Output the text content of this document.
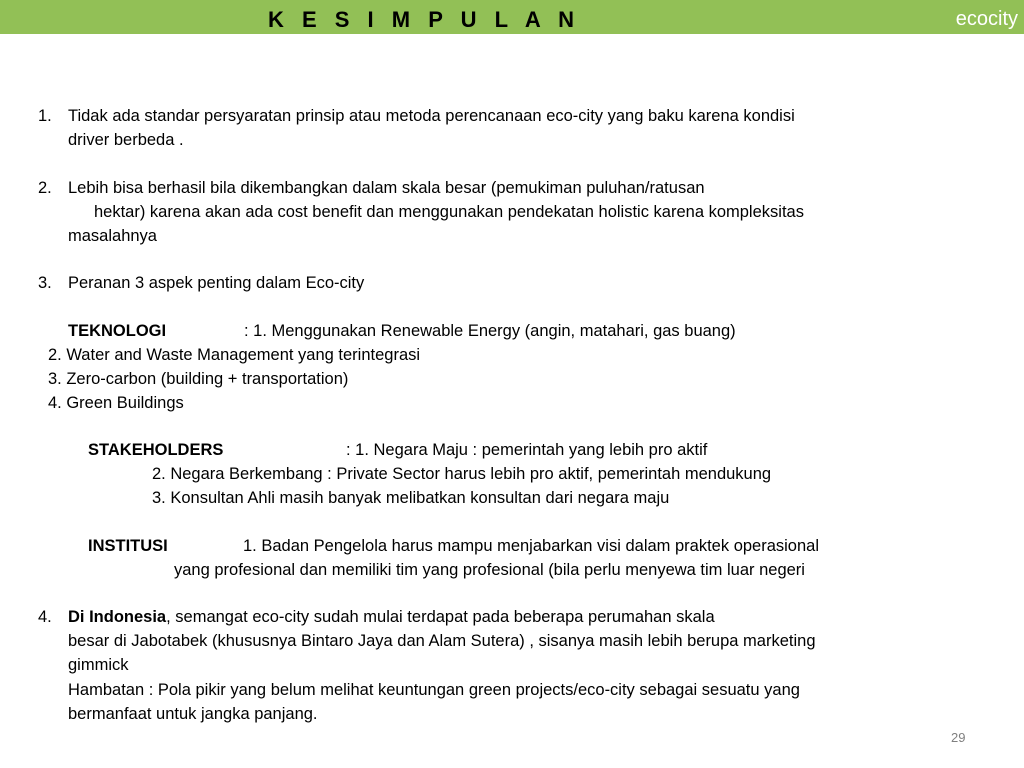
K E S I M P U L A N	ecocity
1. Tidak ada standar persyaratan prinsip atau metoda perencanaan eco-city yang baku karena kondisi
driver berbeda .
2. Lebih bisa berhasil bila dikembangkan dalam skala besar (pemukiman puluhan/ratusan
hektar) karena akan ada cost benefit dan menggunakan pendekatan holistic karena kompleksitas
masalahnya
3. Peranan 3 aspek penting dalam Eco-city
TEKNOLOGI	: 1. Menggunakan Renewable Energy (angin, matahari, gas buang)
2. Water and Waste Management yang terintegrasi
3. Zero-carbon (building + transportation)
4. Green Buildings
STAKEHOLDERS	: 1. Negara Maju : pemerintah yang lebih pro aktif
2. Negara Berkembang : Private Sector harus lebih pro aktif, pemerintah mendukung
3. Konsultan Ahli masih banyak melibatkan konsultan dari negara maju
INSTITUSI	1. Badan Pengelola harus mampu menjabarkan visi dalam praktek operasional
yang profesional dan memiliki tim yang profesional (bila perlu menyewa tim luar negeri
4. Di Indonesia, semangat eco-city sudah mulai terdapat pada beberapa perumahan skala
besar di Jabotabek (khususnya Bintaro Jaya dan Alam Sutera) , sisanya masih lebih berupa marketing
gimmick
Hambatan : Pola pikir yang belum melihat keuntungan green projects/eco-city sebagai sesuatu yang
bermanfaat untuk jangka panjang.
29
